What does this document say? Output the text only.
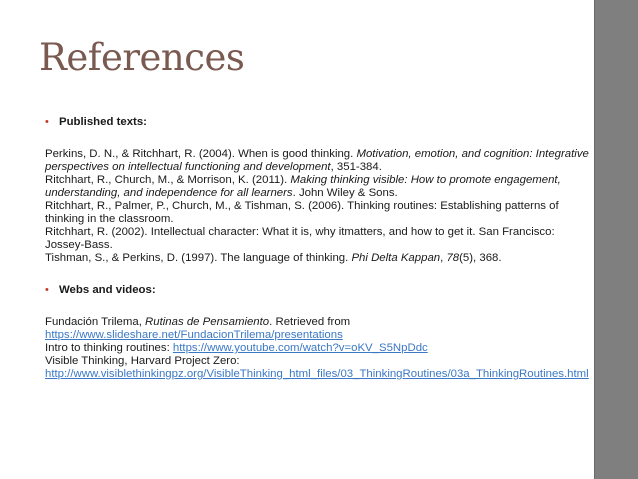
References
• Published texts:

Perkins, D. N., & Ritchhart, R. (2004). When is good thinking. Motivation, emotion, and cognition: Integrative perspectives on intellectual functioning and development, 351-384.

Ritchhart, R., Church, M., & Morrison, K. (2011). Making thinking visible: How to promote engagement, understanding, and independence for all learners. John Wiley & Sons.

Ritchhart, R., Palmer, P., Church, M., & Tishman, S. (2006). Thinking routines: Establishing patterns of thinking in the classroom.

Ritchhart, R. (2002). Intellectual character: What it is, why itmatters, and how to get it. San Francisco: Jossey-Bass.

Tishman, S., & Perkins, D. (1997). The language of thinking. Phi Delta Kappan, 78(5), 368.

• Webs and videos:

Fundación Trilema, Rutinas de Pensamiento. Retrieved from
https://www.slideshare.net/FundacionTrilema/presentations

Intro to thinking routines: https://www.youtube.com/watch?v=oKV_S5NpDdc

Visible Thinking, Harvard Project Zero:
http://www.visiblethinkingpz.org/VisibleThinking_html_files/03_ThinkingRoutines/03a_ThinkingRoutines.html
